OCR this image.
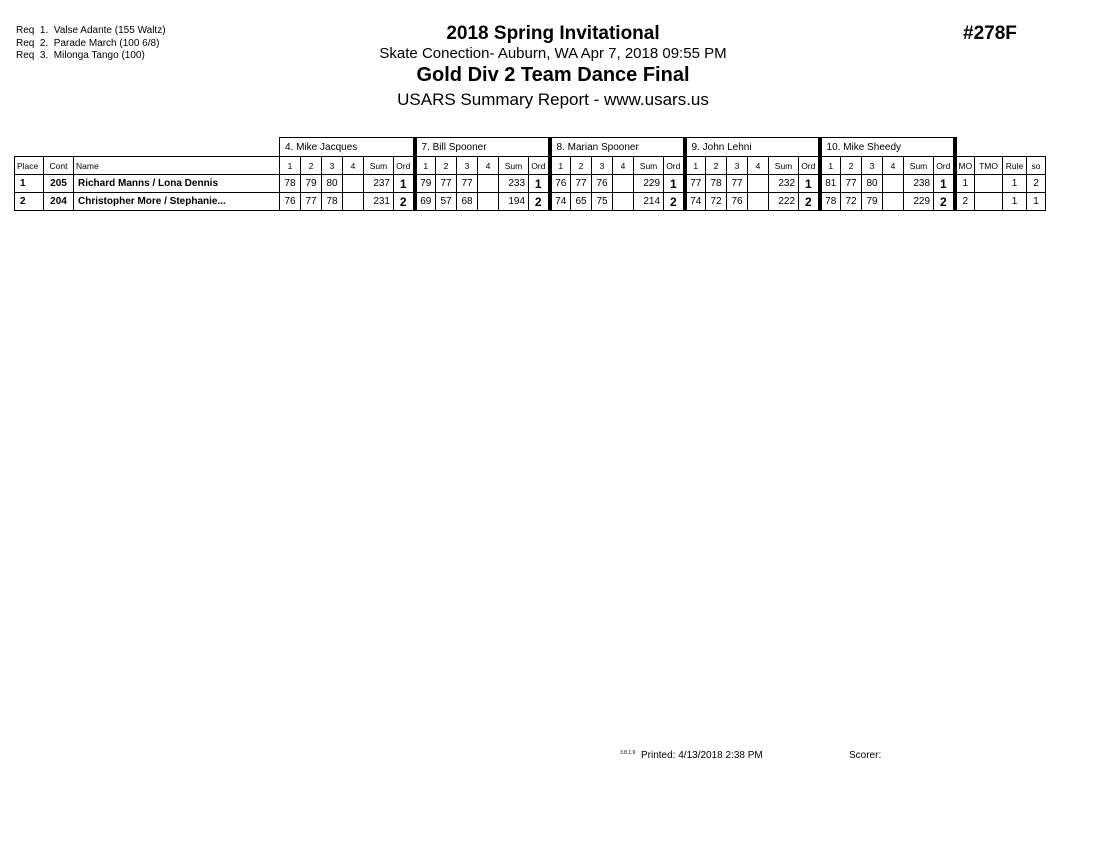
Req  1.  Valse Adante (155 Waltz)
Req  2.  Parade March (100 6/8)
Req  3.  Milonga Tango (100)
2018 Spring Invitational
Skate Conection- Auburn, WA Apr 7, 2018 09:55 PM
Gold Div 2 Team Dance Final
USARS Summary Report - www.usars.us
#278F
			4. Mike Jacques						7. Bill Spooner						8. Marian Spooner						9. John Lehni						10. Mike Sheedy									
Place	Cont	Name	1	2	3	4	Sum	Ord	1	2	3	4	Sum	Ord	1	2	3	4	Sum	Ord	1	2	3	4	Sum	Ord	1	2	3	4	Sum	Ord	MO	TMO	Rule	so
1	205	Richard Manns / Lona Dennis	78	79	80		237	1	79	77	77		233	1	76	77	76		229	1	77	78	77		232	1	81	77	80		238	1	1		1	2
2	204	Christopher More / Stephanie...	76	77	78		231	2	69	57	68		194	2	74	65	75		214	2	74	72	76		222	2	78	72	79		229	2	2		1	1
3.8.1.9 Printed: 4/13/2018 2:38 PM	Scorer:
